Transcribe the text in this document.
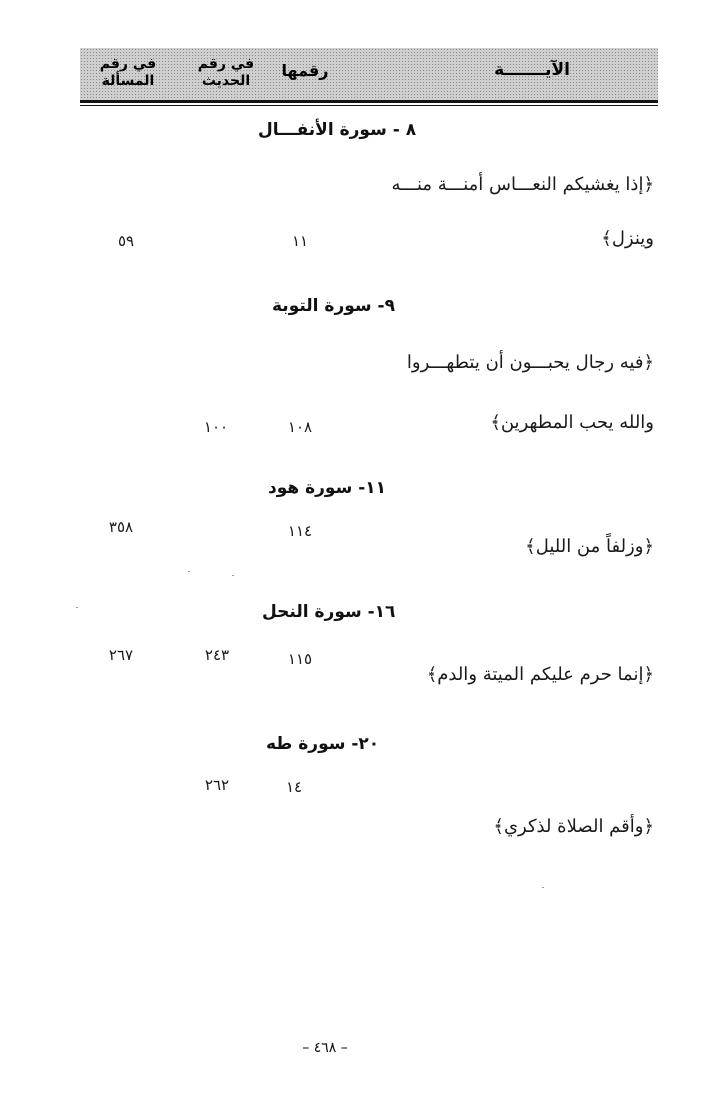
الآيـــــــة
رقمها
في رقم
الحديث
في رقم
المسألة
٨ - سورة الأنفـــال
﴿إذا يغشيكم النعـــاس أمنـــة منـــه
وينزل﴾
١١
٥٩
٩- سورة التوبة
﴿فيه رجال يحبـــون أن يتطهـــروا
والله يحب المطهرين﴾
١٠٨
١٠٠
١١- سورة هود
١١٤
٣٥٨
﴿وزلفاً من الليل﴾
١٦- سورة النحل
١١٥
٢٤٣
٢٦٧
﴿إنما حرم عليكم الميتة والدم﴾
٢٠- سورة طه
١٤
٢٦٢
﴿وأقم الصلاة لذكري﴾
– ٤٦٨ –
